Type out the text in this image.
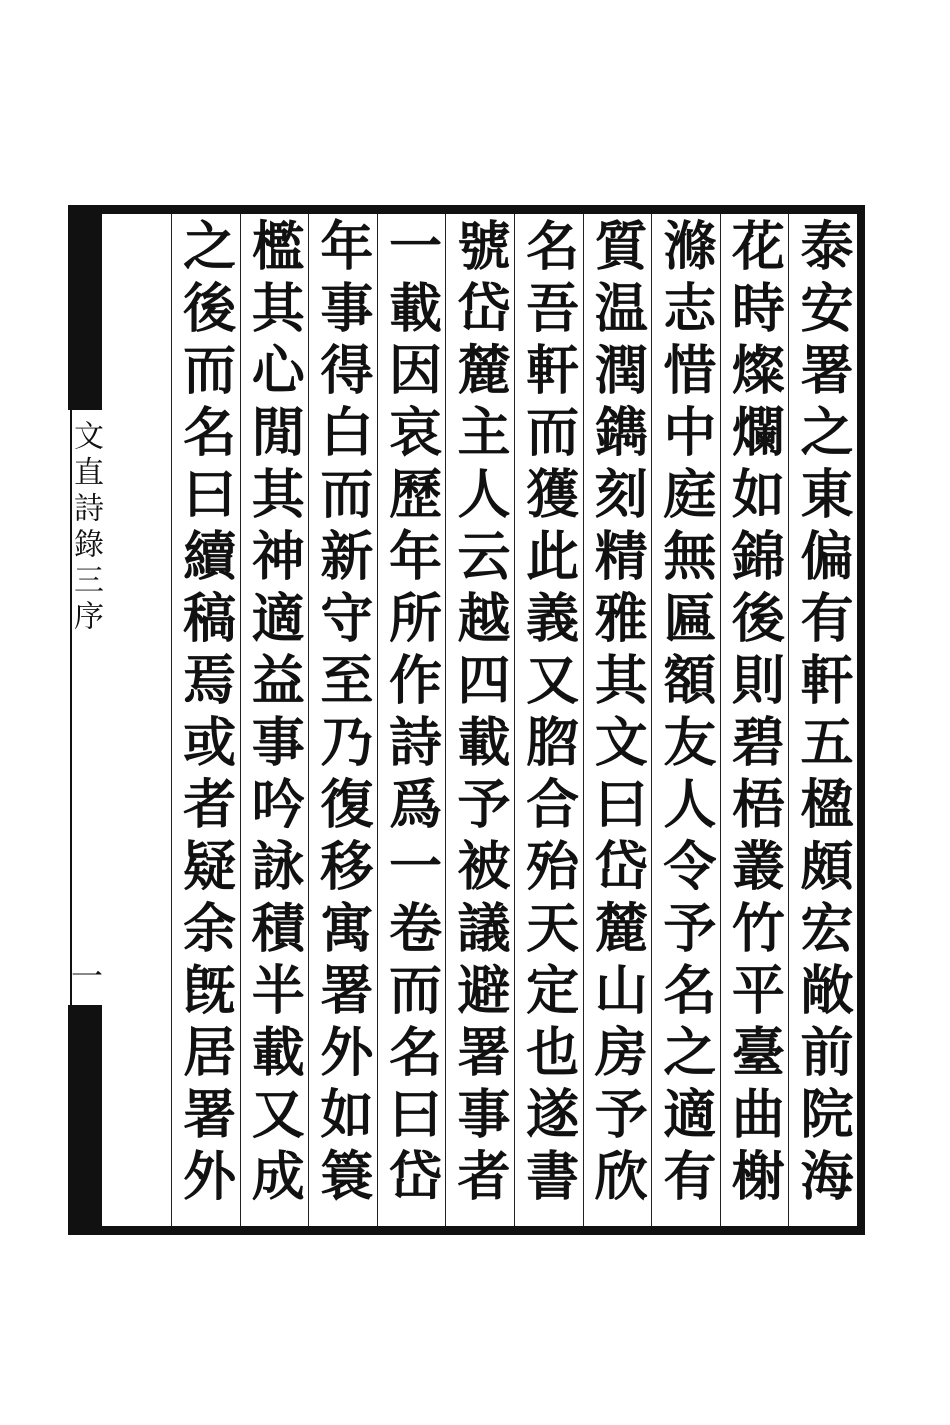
文直詩錄三序
一
泰安署之東偏有軒五楹頗宏敞前院海
花時燦爛如錦後則碧梧叢竹平臺曲榭
滌志惜中庭無匾額友人令予名之適有
質温潤鐫刻精雅其文曰岱麓山房予欣
名吾軒而獲此義又脗合殆天定也遂書
號岱麓主人云越四載予被議避署事者
一載因哀歷年所作詩爲一卷而名曰岱
年事得白而新守至乃復移寓署外如簑
檻其心閒其神適益事吟詠積半載又成
之後而名曰續稿焉或者疑余旣居署外
